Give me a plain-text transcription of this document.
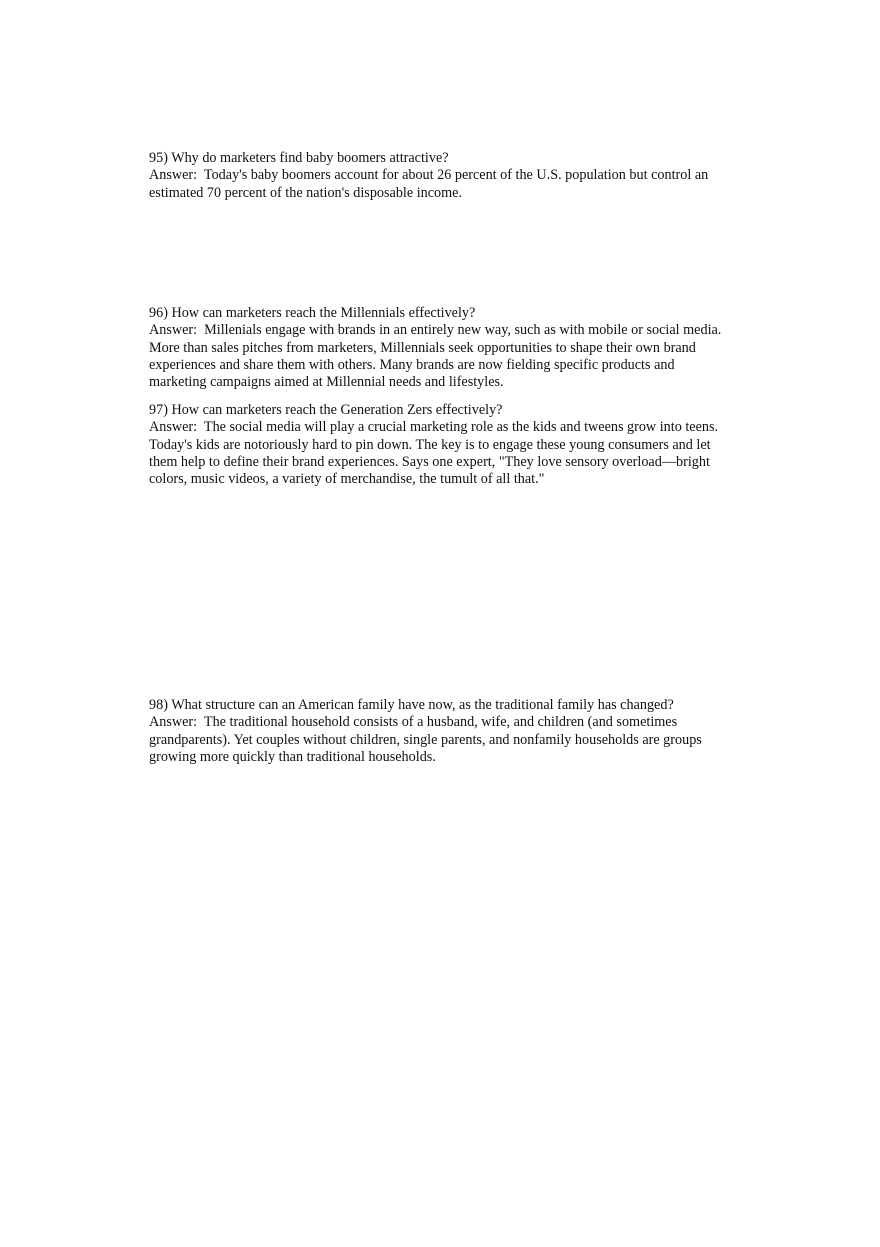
95) Why do marketers find baby boomers attractive?

Answer:  Today's baby boomers account for about 26 percent of the U.S. population but control an estimated 70 percent of the nation's disposable income.

96) How can marketers reach the Millennials effectively?

Answer:  Millenials engage with brands in an entirely new way, such as with mobile or social media. More than sales pitches from marketers, Millennials seek opportunities to shape their own brand experiences and share them with others. Many brands are now fielding specific products and marketing campaigns aimed at Millennial needs and lifestyles.

97) How can marketers reach the Generation Zers effectively?

Answer:  The social media will play a crucial marketing role as the kids and tweens grow into teens.

Today's kids are notoriously hard to pin down. The key is to engage these young consumers and let them help to define their brand experiences. Says one expert, "They love sensory overload—bright colors, music videos, a variety of merchandise, the tumult of all that."

98) What structure can an American family have now, as the traditional family has changed?

Answer:  The traditional household consists of a husband, wife, and children (and sometimes grandparents). Yet couples without children, single parents, and nonfamily households are groups growing more quickly than traditional households.
